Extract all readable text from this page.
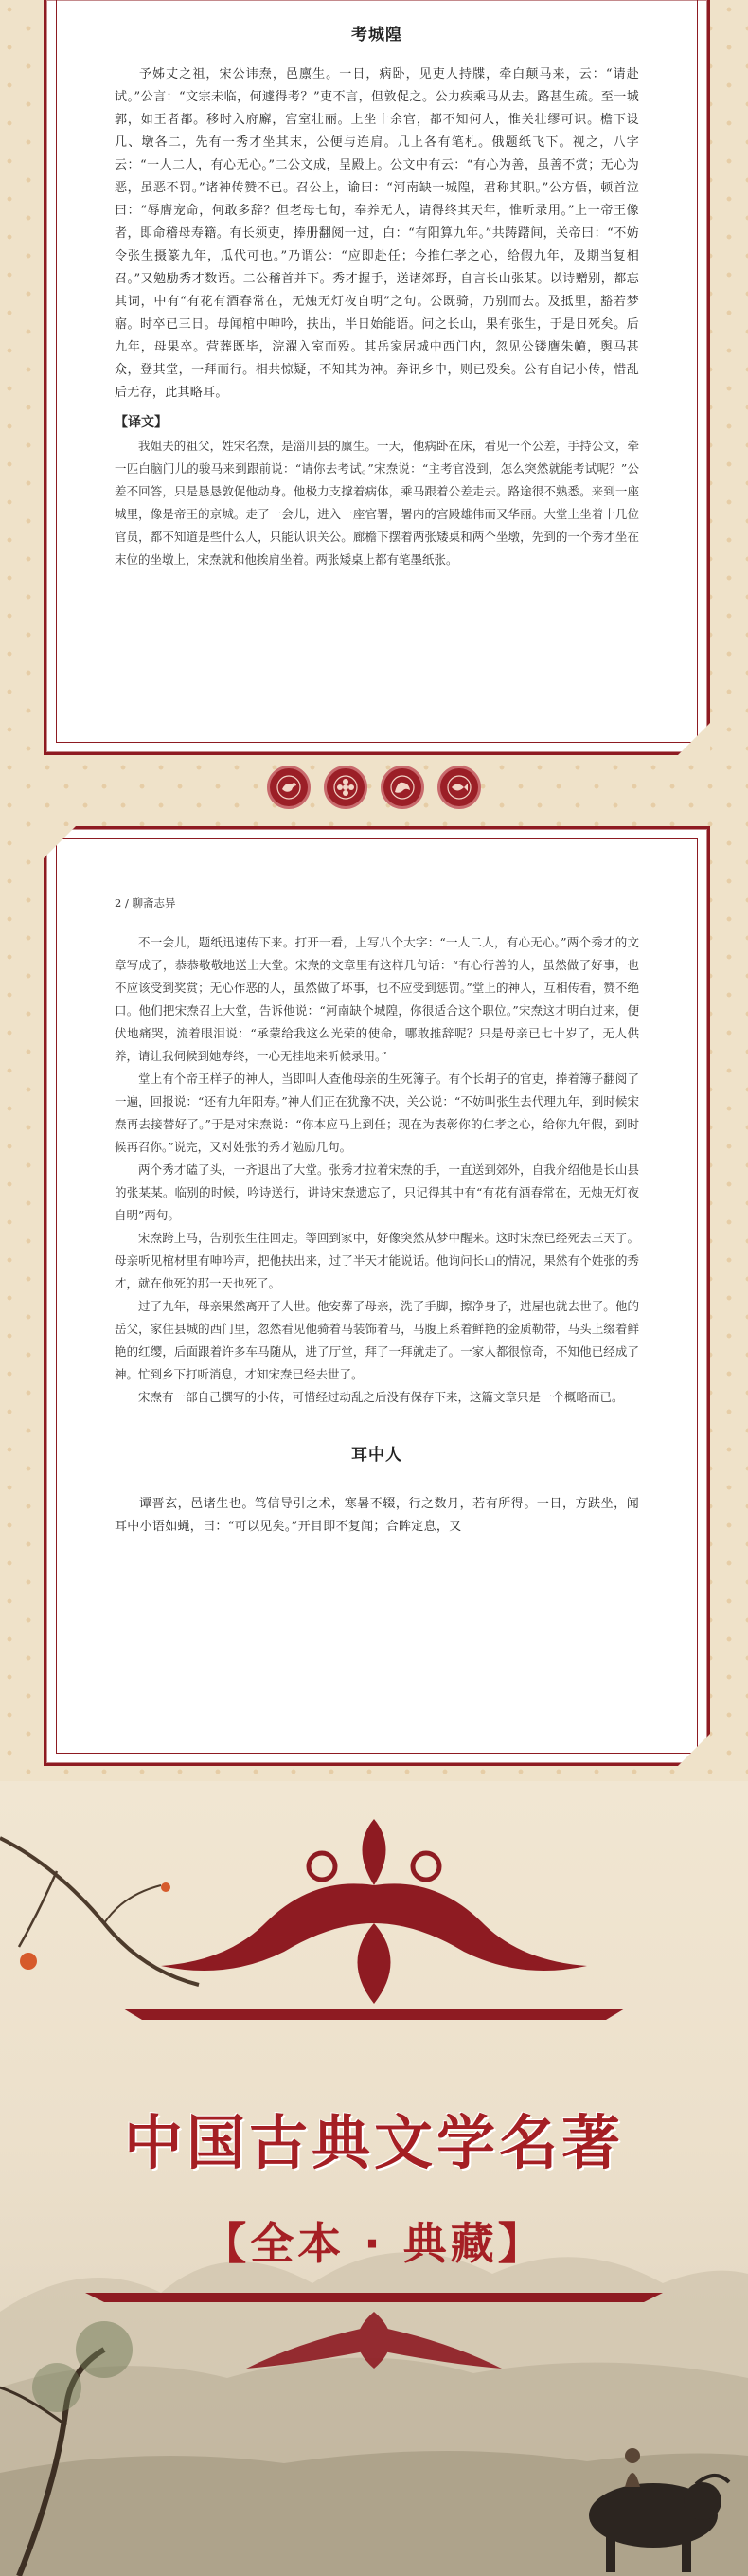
考城隍

予姊丈之祖，宋公讳焘，邑廪生。一日，病卧，见吏人持牒，牵白颠马来，云：“请赴试。”公言：“文宗未临，何遽得考？”吏不言，但敦促之。公力疾乘马从去。路甚生疏。至一城郭，如王者都。移时入府廨，宫室壮丽。上坐十余官，都不知何人，惟关壮缪可识。檐下设几、墩各二，先有一秀才坐其末，公便与连肩。几上各有笔札。俄题纸飞下。视之，八字云：“一人二人，有心无心。”二公文成，呈殿上。公文中有云：“有心为善，虽善不赏；无心为恶，虽恶不罚。”诸神传赞不已。召公上，谕曰：“河南缺一城隍，君称其职。”公方悟，顿首泣曰：“辱膺宠命，何敢多辞？但老母七旬，奉养无人，请得终其天年，惟听录用。”上一帝王像者，即命稽母寿籍。有长须吏，捧册翻阅一过，白：“有阳算九年。”共踌躇间，关帝曰：“不妨令张生摄篆九年，瓜代可也。”乃谓公：“应即赴任；今推仁孝之心，给假九年，及期当复相召。”又勉励秀才数语。二公稽首并下。秀才握手，送诸郊野，自言长山张某。以诗赠别，都忘其词，中有“有花有酒春常在，无烛无灯夜自明”之句。公既骑，乃别而去。及抵里，豁若梦寤。时卒已三日。母闻棺中呻吟，扶出，半日始能语。问之长山，果有张生，于是日死矣。后九年，母果卒。营葬既毕，浣濯入室而殁。其岳家居城中西门内，忽见公镂膺朱幩，舆马甚众，登其堂，一拜而行。相共惊疑，不知其为神。奔讯乡中，则已殁矣。公有自记小传，惜乱后无存，此其略耳。

【译文】

我姐夫的祖父，姓宋名焘，是淄川县的廪生。一天，他病卧在床，看见一个公差，手持公文，牵一匹白脑门儿的骏马来到跟前说：“请你去考试。”宋焘说：“主考官没到，怎么突然就能考试呢？”公差不回答，只是恳恳敦促他动身。他极力支撑着病体，乘马跟着公差走去。路途很不熟悉。来到一座城里，像是帝王的京城。走了一会儿，进入一座官署，署内的宫殿雄伟而又华丽。大堂上坐着十几位官员，都不知道是些什么人，只能认识关公。廊檐下摆着两张矮桌和两个坐墩，先到的一个秀才坐在末位的坐墩上，宋焘就和他挨肩坐着。两张矮桌上都有笔墨纸张。

2 / 聊斋志异

不一会儿，题纸迅速传下来。打开一看，上写八个大字：“一人二人，有心无心。”两个秀才的文章写成了，恭恭敬敬地送上大堂。宋焘的文章里有这样几句话：“有心行善的人，虽然做了好事，也不应该受到奖赏；无心作恶的人，虽然做了坏事，也不应受到惩罚。”堂上的神人，互相传看，赞不绝口。他们把宋焘召上大堂，告诉他说：“河南缺个城隍，你很适合这个职位。”宋焘这才明白过来，便伏地痛哭，流着眼泪说：“承蒙给我这么光荣的使命，哪敢推辞呢？只是母亲已七十岁了，无人供养，请让我伺候到她寿终，一心无挂地来听候录用。”

堂上有个帝王样子的神人，当即叫人查他母亲的生死簿子。有个长胡子的官吏，捧着簿子翻阅了一遍，回报说：“还有九年阳寿。”神人们正在犹豫不决，关公说：“不妨叫张生去代理九年，到时候宋焘再去接替好了。”于是对宋焘说：“你本应马上到任；现在为表彰你的仁孝之心，给你九年假，到时候再召你。”说完，又对姓张的秀才勉励几句。

两个秀才磕了头，一齐退出了大堂。张秀才拉着宋焘的手，一直送到郊外，自我介绍他是长山县的张某某。临别的时候，吟诗送行，讲诗宋焘遗忘了，只记得其中有“有花有酒春常在，无烛无灯夜自明”两句。

宋焘跨上马，告别张生往回走。等回到家中，好像突然从梦中醒来。这时宋焘已经死去三天了。母亲听见棺材里有呻吟声，把他扶出来，过了半天才能说话。他询问长山的情况，果然有个姓张的秀才，就在他死的那一天也死了。

过了九年，母亲果然离开了人世。他安葬了母亲，洗了手脚，擦净身子，进屋也就去世了。他的岳父，家住县城的西门里，忽然看见他骑着马装饰着马，马腹上系着鲜艳的金质勒带，马头上缀着鲜艳的红缨，后面跟着许多车马随从，进了厅堂，拜了一拜就走了。一家人都很惊奇，不知他已经成了神。忙到乡下打听消息，才知宋焘已经去世了。

宋焘有一部自己撰写的小传，可惜经过动乱之后没有保存下来，这篇文章只是一个概略而已。

耳中人

谭晋玄，邑诸生也。笃信导引之术，寒暑不辍，行之数月，若有所得。一日，方趺坐，闻耳中小语如蝇，曰：“可以见矣。”开目即不复闻；合眸定息，又

中国古典文学名著
【全本 · 典藏】
